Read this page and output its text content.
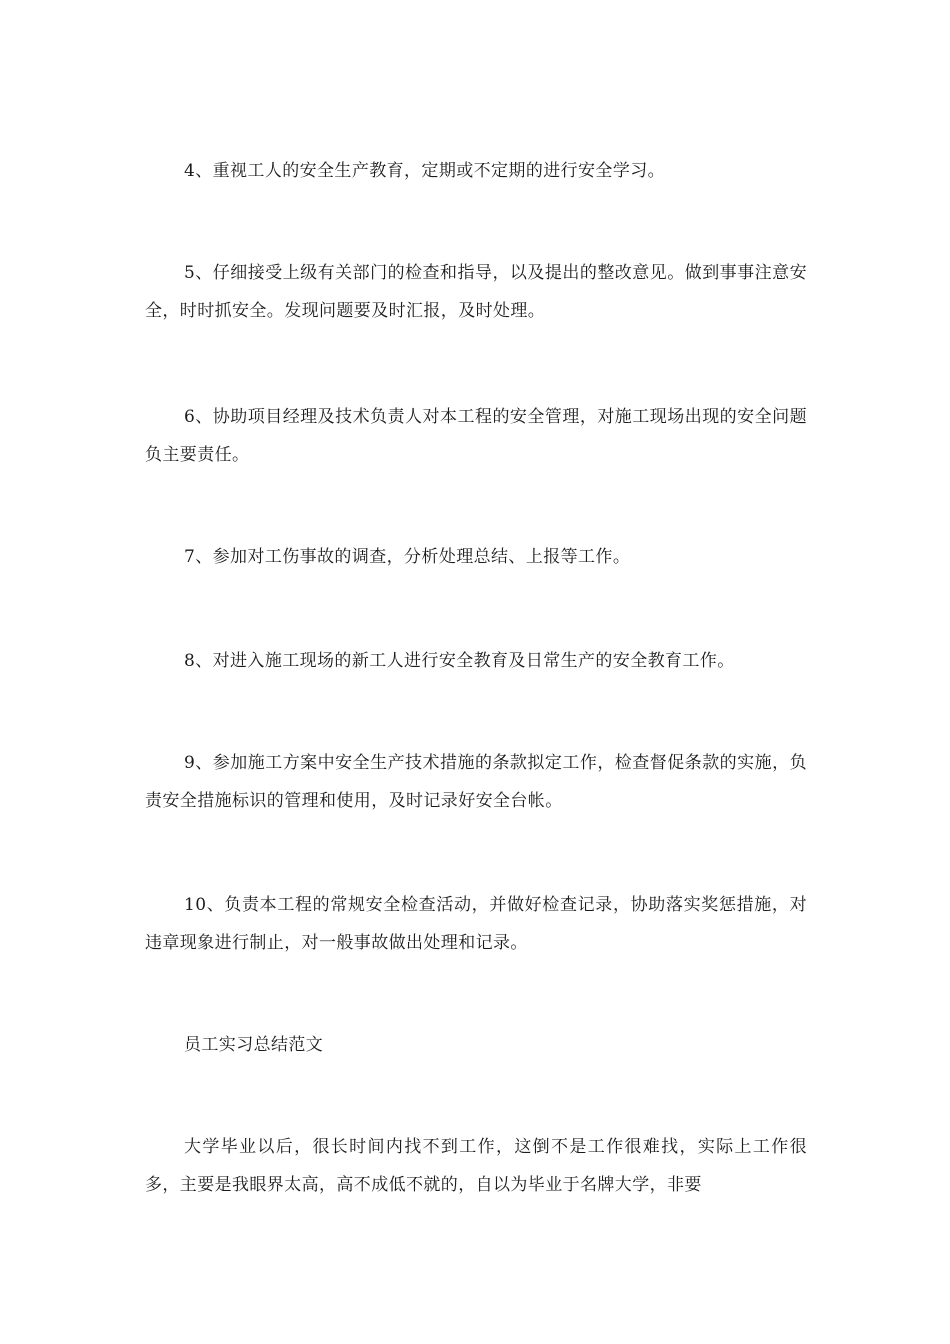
4、重视工人的安全生产教育，定期或不定期的进行安全学习。

5、仔细接受上级有关部门的检查和指导，以及提出的整改意见。做到事事注意安全，时时抓安全。发现问题要及时汇报，及时处理。

6、协助项目经理及技术负责人对本工程的安全管理，对施工现场出现的安全问题负主要责任。

7、参加对工伤事故的调查，分析处理总结、上报等工作。

8、对进入施工现场的新工人进行安全教育及日常生产的安全教育工作。

9、参加施工方案中安全生产技术措施的条款拟定工作，检查督促条款的实施，负责安全措施标识的管理和使用，及时记录好安全台帐。

10、负责本工程的常规安全检查活动，并做好检查记录，协助落实奖惩措施，对违章现象进行制止，对一般事故做出处理和记录。

员工实习总结范文

大学毕业以后，很长时间内找不到工作，这倒不是工作很难找，实际上工作很多，主要是我眼界太高，高不成低不就的，自以为毕业于名牌大学，非要
